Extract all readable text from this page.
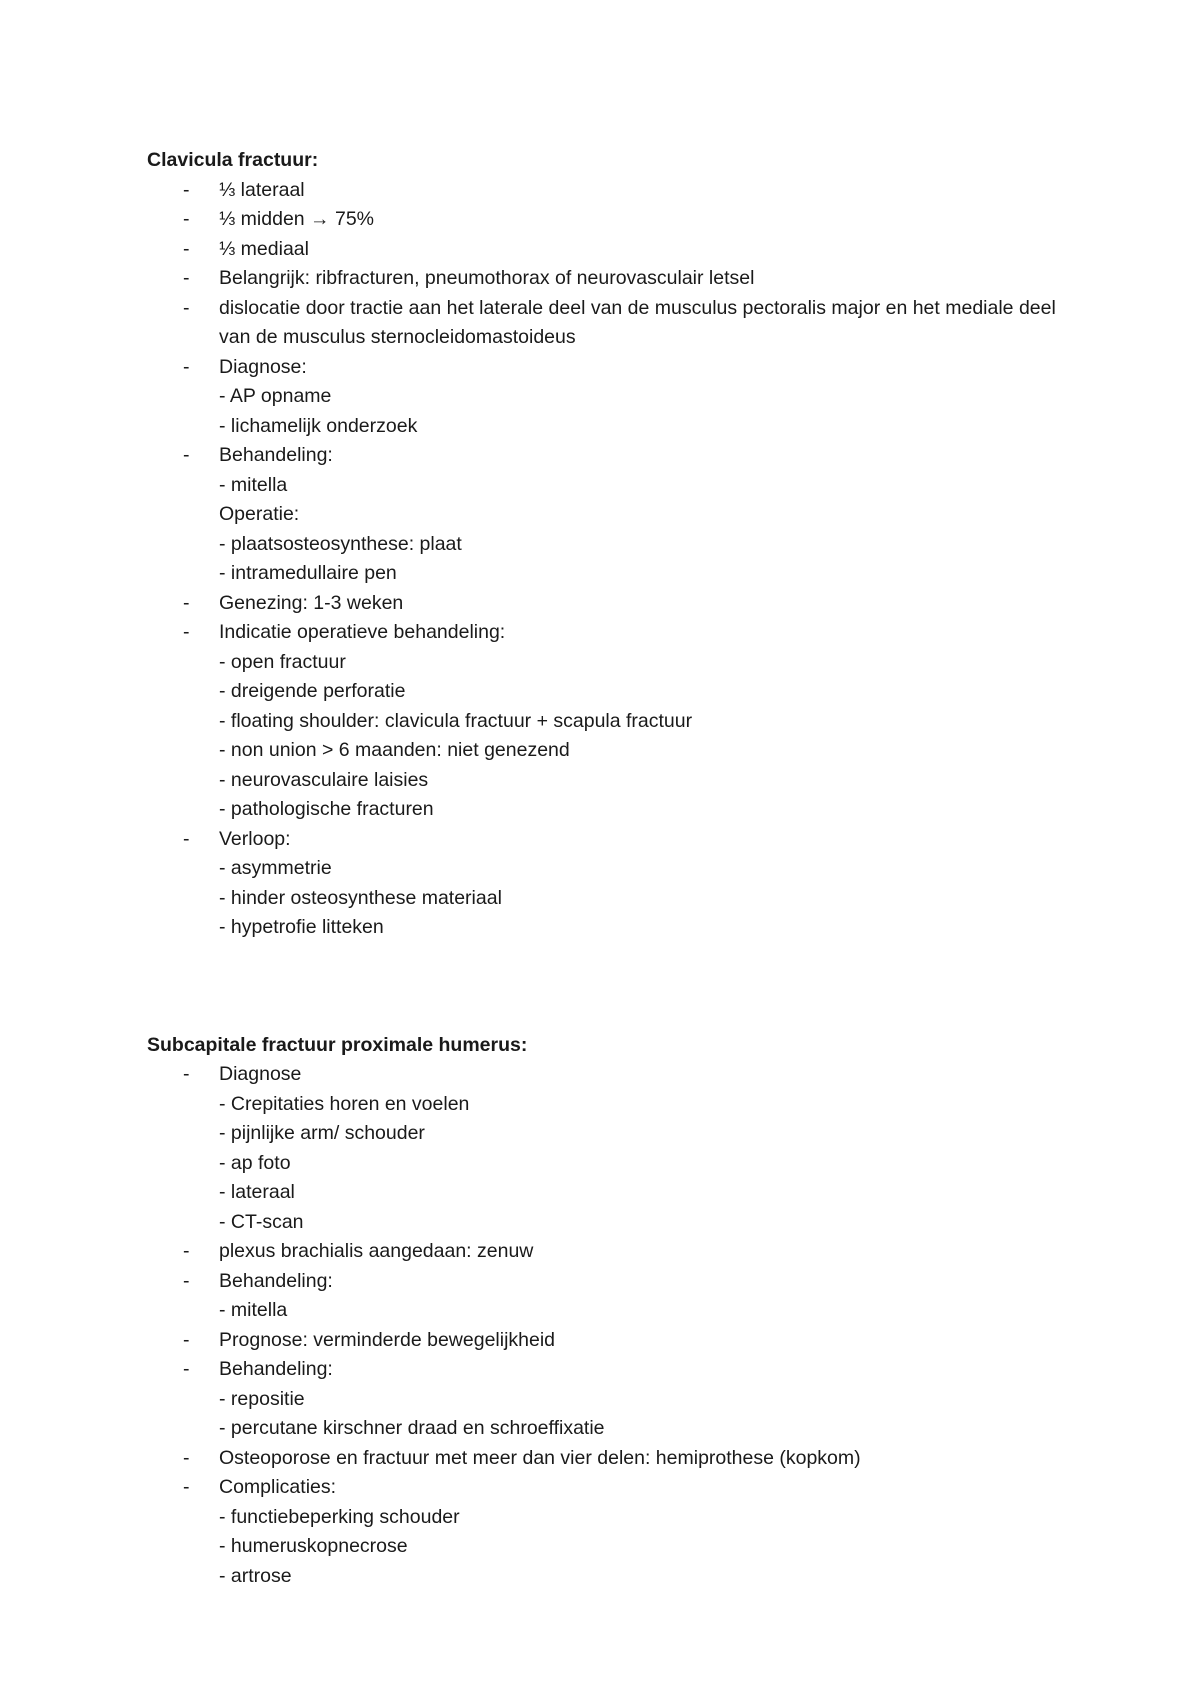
Clavicula fractuur:
- ⅓ lateraal
- ⅓ midden → 75%
- ⅓ mediaal
- Belangrijk: ribfracturen, pneumothorax of neurovasculair letsel
- dislocatie door tractie aan het laterale deel van de musculus pectoralis major en het mediale deel van de musculus sternocleidomastoideus
- Diagnose:
- AP opname
- lichamelijk onderzoek
- Behandeling:
- mitella
Operatie:
- plaatsosteosynthese: plaat
- intramedullaire pen
- Genezing: 1-3 weken
- Indicatie operatieve behandeling:
- open fractuur
- dreigende perforatie
- floating shoulder: clavicula fractuur + scapula fractuur
- non union > 6 maanden: niet genezend
- neurovasculaire laisies
- pathologische fracturen
- Verloop:
- asymmetrie
- hinder osteosynthese materiaal
- hypetrofie litteken
Subcapitale fractuur proximale humerus:
- Diagnose
- Crepitaties horen en voelen
- pijnlijke arm/ schouder
- ap foto
- lateraal
- CT-scan
- plexus brachialis aangedaan: zenuw
- Behandeling:
- mitella
- Prognose: verminderde bewegelijkheid
- Behandeling:
- repositie
- percutane kirschner draad en schroeffixatie
- Osteoporose en fractuur met meer dan vier delen: hemiprothese (kopkom)
- Complicaties:
- functiebeperking schouder
- humeruskopnecrose
- artrose
